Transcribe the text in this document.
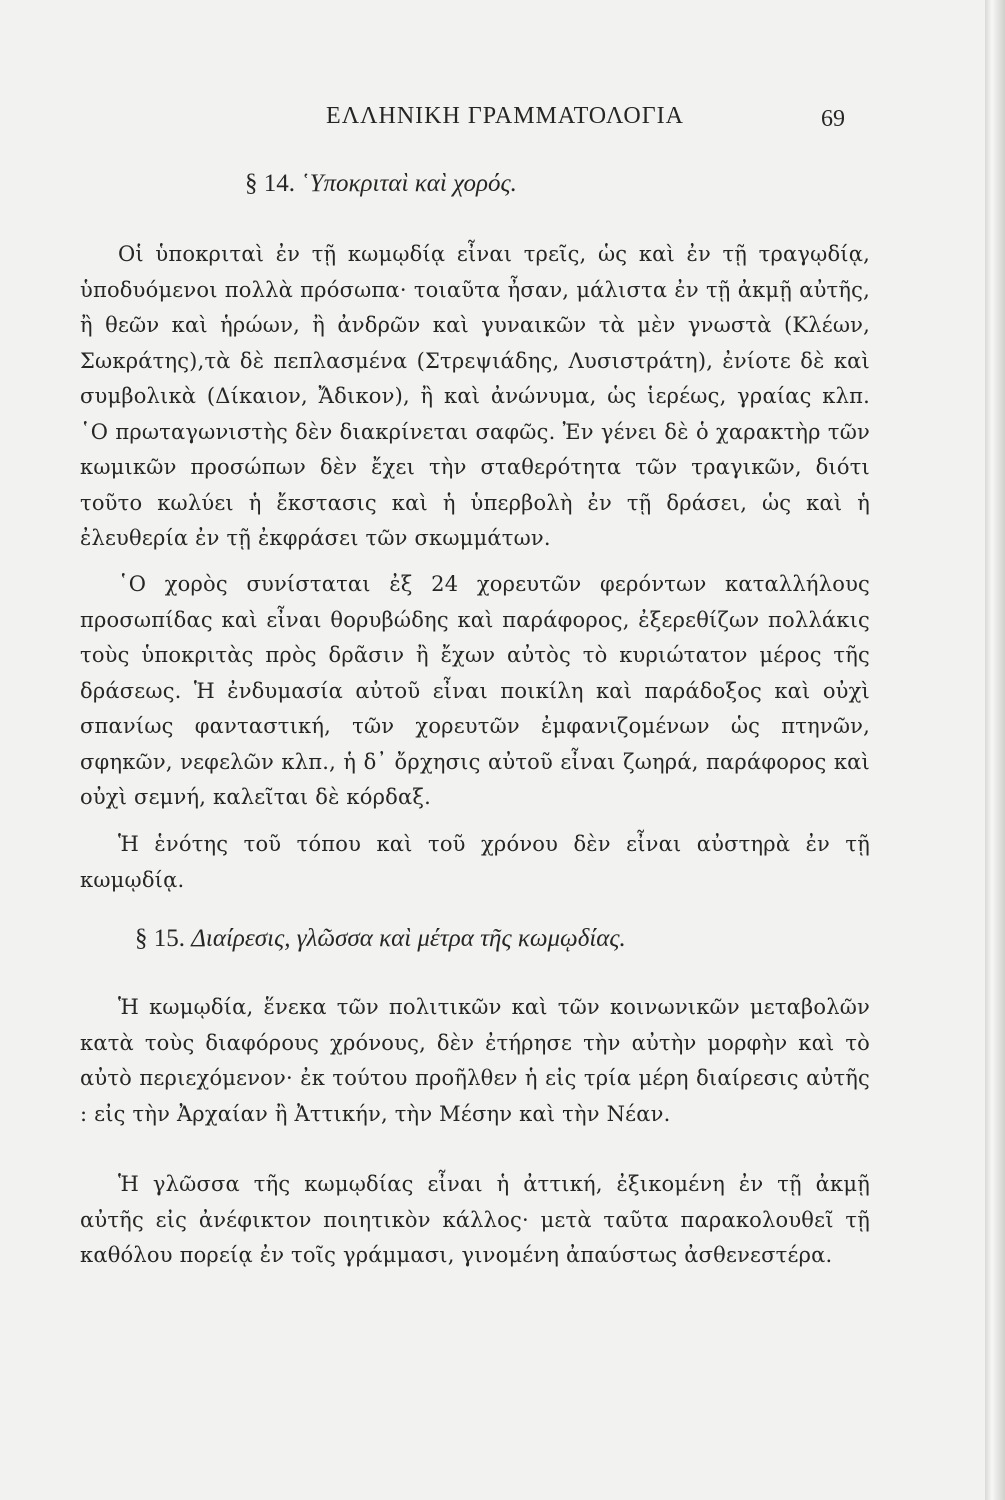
ΕΛΛΗΝΙΚΗ ΓΡΑΜΜΑΤΟΛΟΓΙΑ	69
§ 14. ῾Υποκριταὶ καὶ χορός.
Οἱ ὑποκριταὶ ἐν τῇ κωμῳδίᾳ εἶναι τρεῖς, ὡς καὶ ἐν τῇ τραγῳδίᾳ, ὑποδυόμενοι πολλὰ πρόσωπα· τοιαῦτα ἦσαν, μάλιστα ἐν τῇ ἀκμῇ αὐτῆς, ἢ θεῶν καὶ ἡρώων, ἢ ἀνδρῶν καὶ γυναικῶν τὰ μὲν γνωστὰ (Κλέων, Σωκράτης),τὰ δὲ πεπλασμένα (Στρεψιάδης, Λυσιστράτη), ἐνίοτε δὲ καὶ συμβολικὰ (Δίκαιον, Ἄδικον), ἢ καὶ ἀνώνυμα, ὡς ἱερέως, γραίας κλπ. ῾Ο πρωταγωνιστὴς δὲν διακρίνεται σαφῶς. Ἐν γένει δὲ ὁ χαρακτὴρ τῶν κωμικῶν προσώπων δὲν ἔχει τὴν σταθερότητα τῶν τραγικῶν, διότι τοῦτο κωλύει ἡ ἔκστασις καὶ ἡ ὑπερβολὴ ἐν τῇ δράσει, ὡς καὶ ἡ ἐλευθερία ἐν τῇ ἐκφράσει τῶν σκωμμάτων.
῾Ο χορὸς συνίσταται ἐξ 24 χορευτῶν φερόντων καταλλήλους προσωπίδας καὶ εἶναι θορυβώδης καὶ παράφορος, ἐξερεθίζων πολλάκις τοὺς ὑποκριτὰς πρὸς δρᾶσιν ἢ ἔχων αὐτὸς τὸ κυριώτατον μέρος τῆς δράσεως. Ἡ ἐνδυμασία αὐτοῦ εἶναι ποικίλη καὶ παράδοξος καὶ οὐχὶ σπανίως φανταστική, τῶν χορευτῶν ἐμφανιζομένων ὡς πτηνῶν, σφηκῶν, νεφελῶν κλπ., ἡ δ᾽ ὄρχησις αὐτοῦ εἶναι ζωηρά, παράφορος καὶ οὐχὶ σεμνή, καλεῖται δὲ κόρδαξ.
Ἡ ἑνότης τοῦ τόπου καὶ τοῦ χρόνου δὲν εἶναι αὐστηρὰ ἐν τῇ κωμῳδίᾳ.
§ 15. Διαίρεσις, γλῶσσα καὶ μέτρα τῆς κωμῳδίας.
Ἡ κωμῳδία, ἕνεκα τῶν πολιτικῶν καὶ τῶν κοινωνικῶν μεταβολῶν κατὰ τοὺς διαφόρους χρόνους, δὲν ἐτήρησε τὴν αὐτὴν μορφὴν καὶ τὸ αὐτὸ περιεχόμενον· ἐκ τούτου προῆλθεν ἡ εἰς τρία μέρη διαίρεσις αὐτῆς : εἰς τὴν Ἀρχαίαν ἢ Ἀττικήν, τὴν Μέσην καὶ τὴν Νέαν.
Ἡ γλῶσσα τῆς κωμῳδίας εἶναι ἡ ἀττική, ἐξικομένη ἐν τῇ ἀκμῇ αὐτῆς εἰς ἀνέφικτον ποιητικὸν κάλλος· μετὰ ταῦτα παρακολουθεῖ τῇ καθόλου πορείᾳ ἐν τοῖς γράμμασι, γινομένη ἀπαύστως ἀσθενεστέρα.
